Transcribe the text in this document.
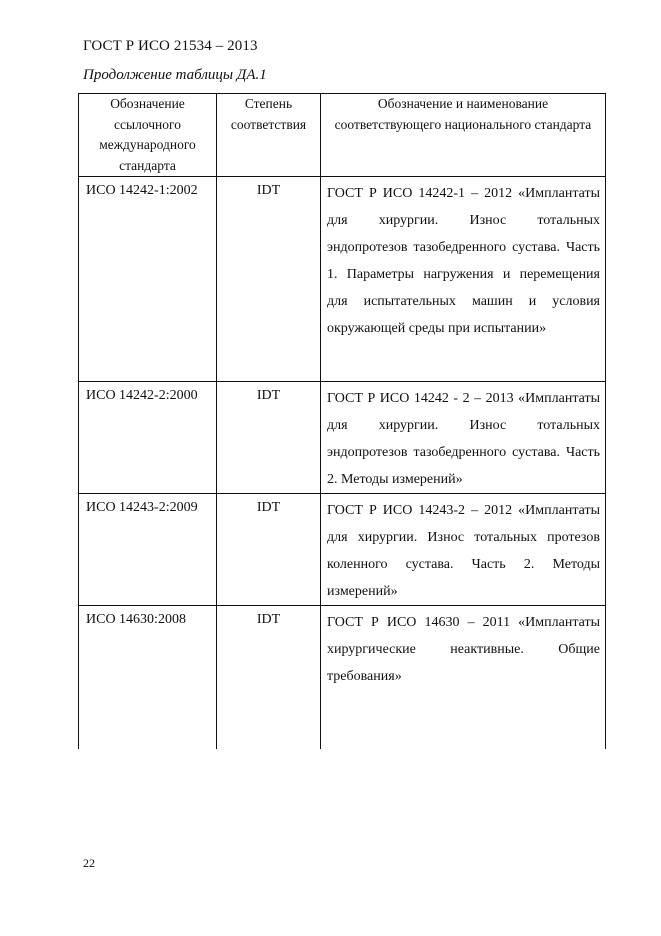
ГОСТ Р ИСО 21534 – 2013
Продолжение таблицы ДА.1
Обозначение ссылочного международного стандарта	Степень соответствия	Обозначение и наименование соответствующего национального стандарта

ИСО 14242-1:2002	IDT	ГОСТ Р ИСО 14242-1 – 2012 «Имплантаты для хирургии. Износ тотальных эндопротезов тазобедренного сустава. Часть 1. Параметры нагружения и перемещения для испытательных машин и условия окружающей среды при испытании»

ИСО 14242-2:2000	IDT	ГОСТ Р ИСО 14242 - 2 – 2013 «Имплантаты для хирургии. Износ тотальных эндопротезов тазобедренного сустава. Часть 2. Методы измерений»

ИСО 14243-2:2009	IDT	ГОСТ Р ИСО 14243-2 – 2012 «Имплантаты для хирургии. Износ тотальных протезов коленного сустава. Часть 2. Методы измерений»

ИСО 14630:2008	IDT	ГОСТ Р ИСО 14630 – 2011 «Имплантаты хирургические неактивные. Общие требования»
22
